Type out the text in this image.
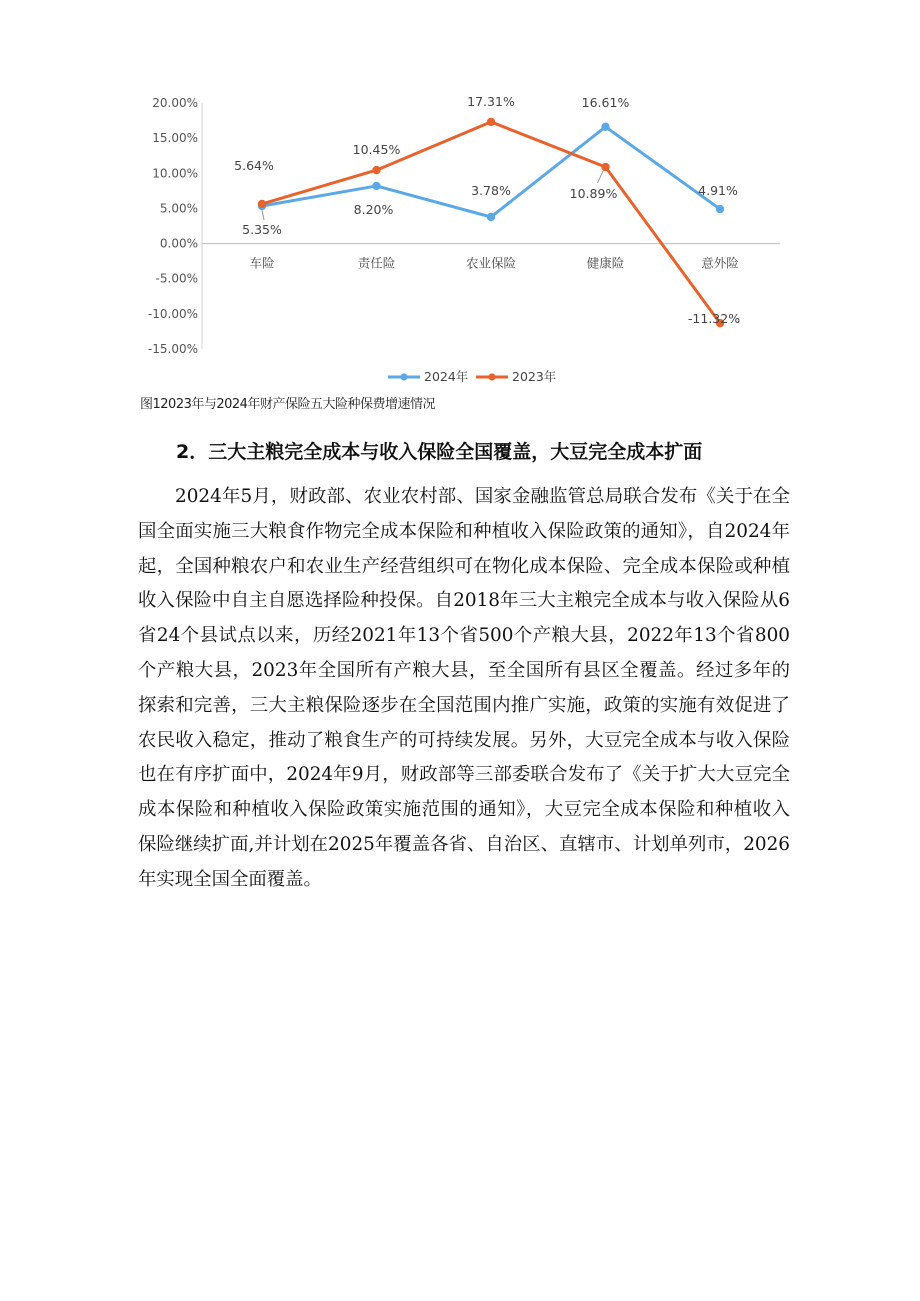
20.00%
15.00%
10.00%
5.00%
0.00%
-5.00%
-10.00%
-15.00%
车险	责任险	农业保险	健康险	意外险
5.35%
8.20%
3.78%
16.61%
4.91%
5.64%
10.45%
17.31%
10.89%
-11.32%
2024年	2023年
图12023年与2024年财产保险五大险种保费增速情况
2．三大主粮完全成本与收入保险全国覆盖，大豆完全成本扩面

2024年5月，财政部、农业农村部、国家金融监管总局联合发布《关于在全国全面实施三大粮食作物完全成本保险和种植收入保险政策的通知》，自2024年起，全国种粮农户和农业生产经营组织可在物化成本保险、完全成本保险或种植收入保险中自主自愿选择险种投保。自2018年三大主粮完全成本与收入保险从6省24个县试点以来，历经2021年13个省500个产粮大县，2022年13个省800个产粮大县，2023年全国所有产粮大县，至全国所有县区全覆盖。经过多年的探索和完善，三大主粮保险逐步在全国范围内推广实施，政策的实施有效促进了农民收入稳定，推动了粮食生产的可持续发展。另外，大豆完全成本与收入保险也在有序扩面中，2024年9月，财政部等三部委联合发布了《关于扩大大豆完全成本保险和种植收入保险政策实施范围的通知》，大豆完全成本保险和种植收入保险继续扩面,并计划在2025年覆盖各省、自治区、直辖市、计划单列市，2026年实现全国全面覆盖。
